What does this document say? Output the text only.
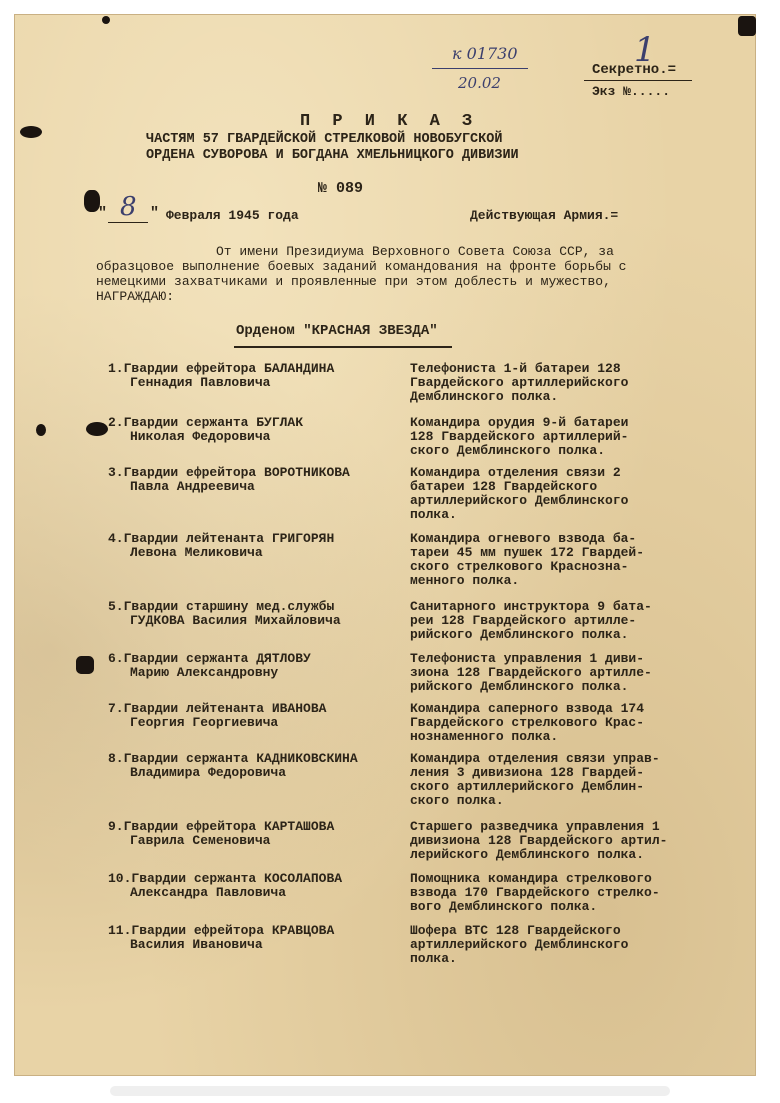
к 01730
20.02
1
Секретно.=
Экз №.....
П Р И К А З
ЧАСТЯМ 57 ГВАРДЕЙСКОЙ СТРЕЛКОВОЙ НОВОБУГСКОЙ
ОРДЕНА СУВОРОВА И БОГДАНА ХМЕЛЬНИЦКОГО ДИВИЗИИ
№ 089
" 8 " Февраля 1945 года	Действующая Армия.=
От имени Президиума Верховного Совета Союза ССР, за образцовое выполнение боевых заданий командования на фронте борьбы с немецкими захватчиками и проявленные при этом доблесть и мужество, НАГРАЖДАЮ:
Орденом "КРАСНАЯ ЗВЕЗДА"
1.Гвардии ефрейтора БАЛАНДИНА
Геннадия Павловича
Телефониста 1-й батареи 128
Гвардейского артиллерийского
Демблинского полка.
2.Гвардии сержанта БУГЛАК
Николая Федоровича
Командира орудия 9-й батареи
128 Гвардейского артиллерий-
ского Демблинского полка.
3.Гвардии ефрейтора ВОРОТНИКОВА
Павла Андреевича
Командира отделения связи 2
батареи 128 Гвардейского
артиллерийского Демблинского
полка.
4.Гвардии лейтенанта ГРИГОРЯН
Левона Меликовича
Командира огневого взвода ба-
тареи 45 мм пушек 172 Гвардей-
ского стрелкового Краснозна-
менного полка.
5.Гвардии старшину мед.службы
ГУДКОВА Василия Михайловича
Санитарного инструктора 9 бата-
реи 128 Гвардейского артилле-
рийского Демблинского полка.
6.Гвардии сержанта ДЯТЛОВУ
Марию Александровну
Телефониста управления 1 диви-
зиона 128 Гвардейского артилле-
рийского Демблинского полка.
7.Гвардии лейтенанта ИВАНОВА
Георгия Георгиевича
Командира саперного взвода 174
Гвардейского стрелкового Крас-
нознаменного полка.
8.Гвардии сержанта КАДНИКОВСКИНА
Владимира Федоровича
Командира отделения связи управ-
ления 3 дивизиона 128 Гвардей-
ского артиллерийского Демблин-
ского полка.
9.Гвардии ефрейтора КАРТАШОВА
Гаврила Семеновича
Старшего разведчика управления 1
дивизиона 128 Гвардейского артил-
лерийского Демблинского полка.
10.Гвардии сержанта КОСОЛАПОВА
Александра Павловича
Помощника командира стрелкового
взвода 170 Гвардейского стрелко-
вого Демблинского полка.
11.Гвардии ефрейтора КРАВЦОВА
Василия Ивановича
Шофера ВТС 128 Гвардейского
артиллерийского Демблинского
полка.
